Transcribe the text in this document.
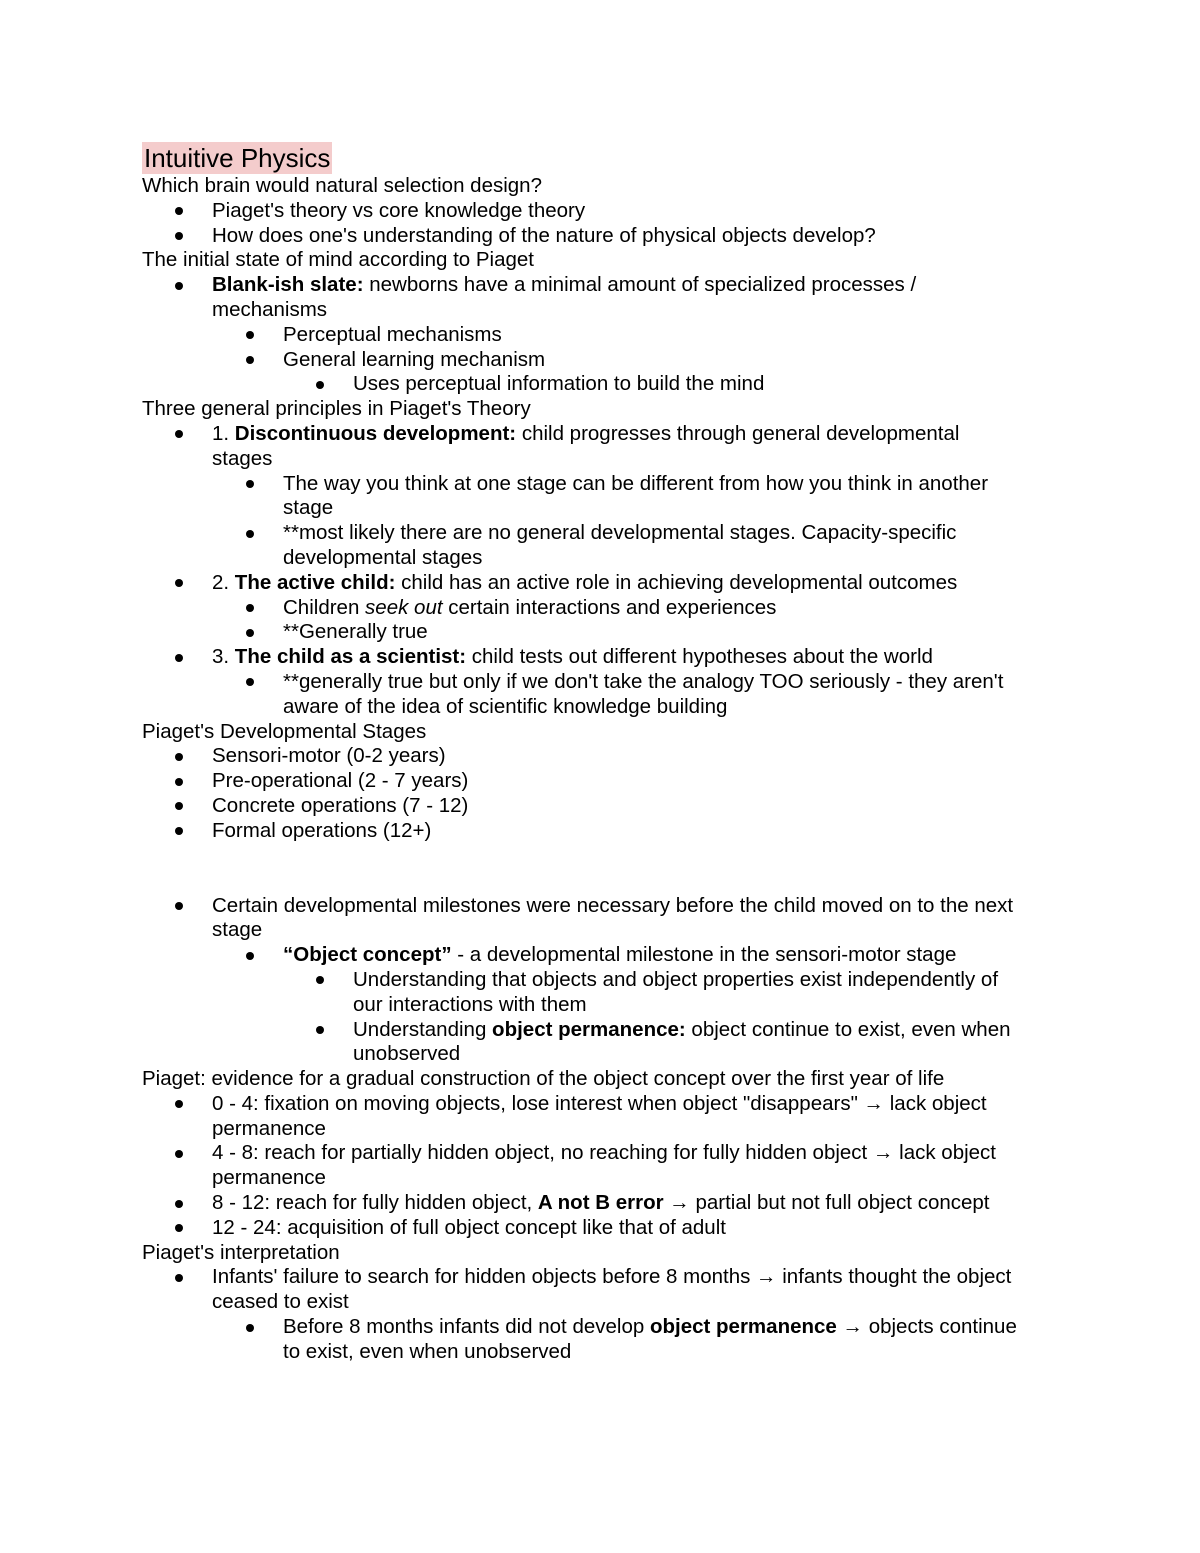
Intuitive Physics
Which brain would natural selection design?
Piaget's theory vs core knowledge theory
How does one's understanding of the nature of physical objects develop?
The initial state of mind according to Piaget
Blank-ish slate: newborns have a minimal amount of specialized processes /
mechanisms
Perceptual mechanisms
General learning mechanism
Uses perceptual information to build the mind
Three general principles in Piaget's Theory
1. Discontinuous development: child progresses through general developmental
stages
The way you think at one stage can be different from how you think in another
stage
**most likely there are no general developmental stages. Capacity-specific
developmental stages
2. The active child: child has an active role in achieving developmental outcomes
Children seek out certain interactions and experiences
**Generally true
3. The child as a scientist: child tests out different hypotheses about the world
**generally true but only if we don't take the analogy TOO seriously - they aren't
aware of the idea of scientific knowledge building
Piaget's Developmental Stages
Sensori-motor (0-2 years)
Pre-operational (2 - 7 years)
Concrete operations (7 - 12)
Formal operations (12+)
Certain developmental milestones were necessary before the child moved on to the next
stage
“Object concept” - a developmental milestone in the sensori-motor stage
Understanding that objects and object properties exist independently of
our interactions with them
Understanding object permanence: object continue to exist, even when
unobserved
Piaget: evidence for a gradual construction of the object concept over the first year of life
0 - 4: fixation on moving objects, lose interest when object "disappears" → lack object
permanence
4 - 8: reach for partially hidden object, no reaching for fully hidden object → lack object
permanence
8 - 12: reach for fully hidden object, A not B error → partial but not full object concept
12 - 24: acquisition of full object concept like that of adult
Piaget's interpretation
Infants' failure to search for hidden objects before 8 months → infants thought the object
ceased to exist
Before 8 months infants did not develop object permanence → objects continue
to exist, even when unobserved
